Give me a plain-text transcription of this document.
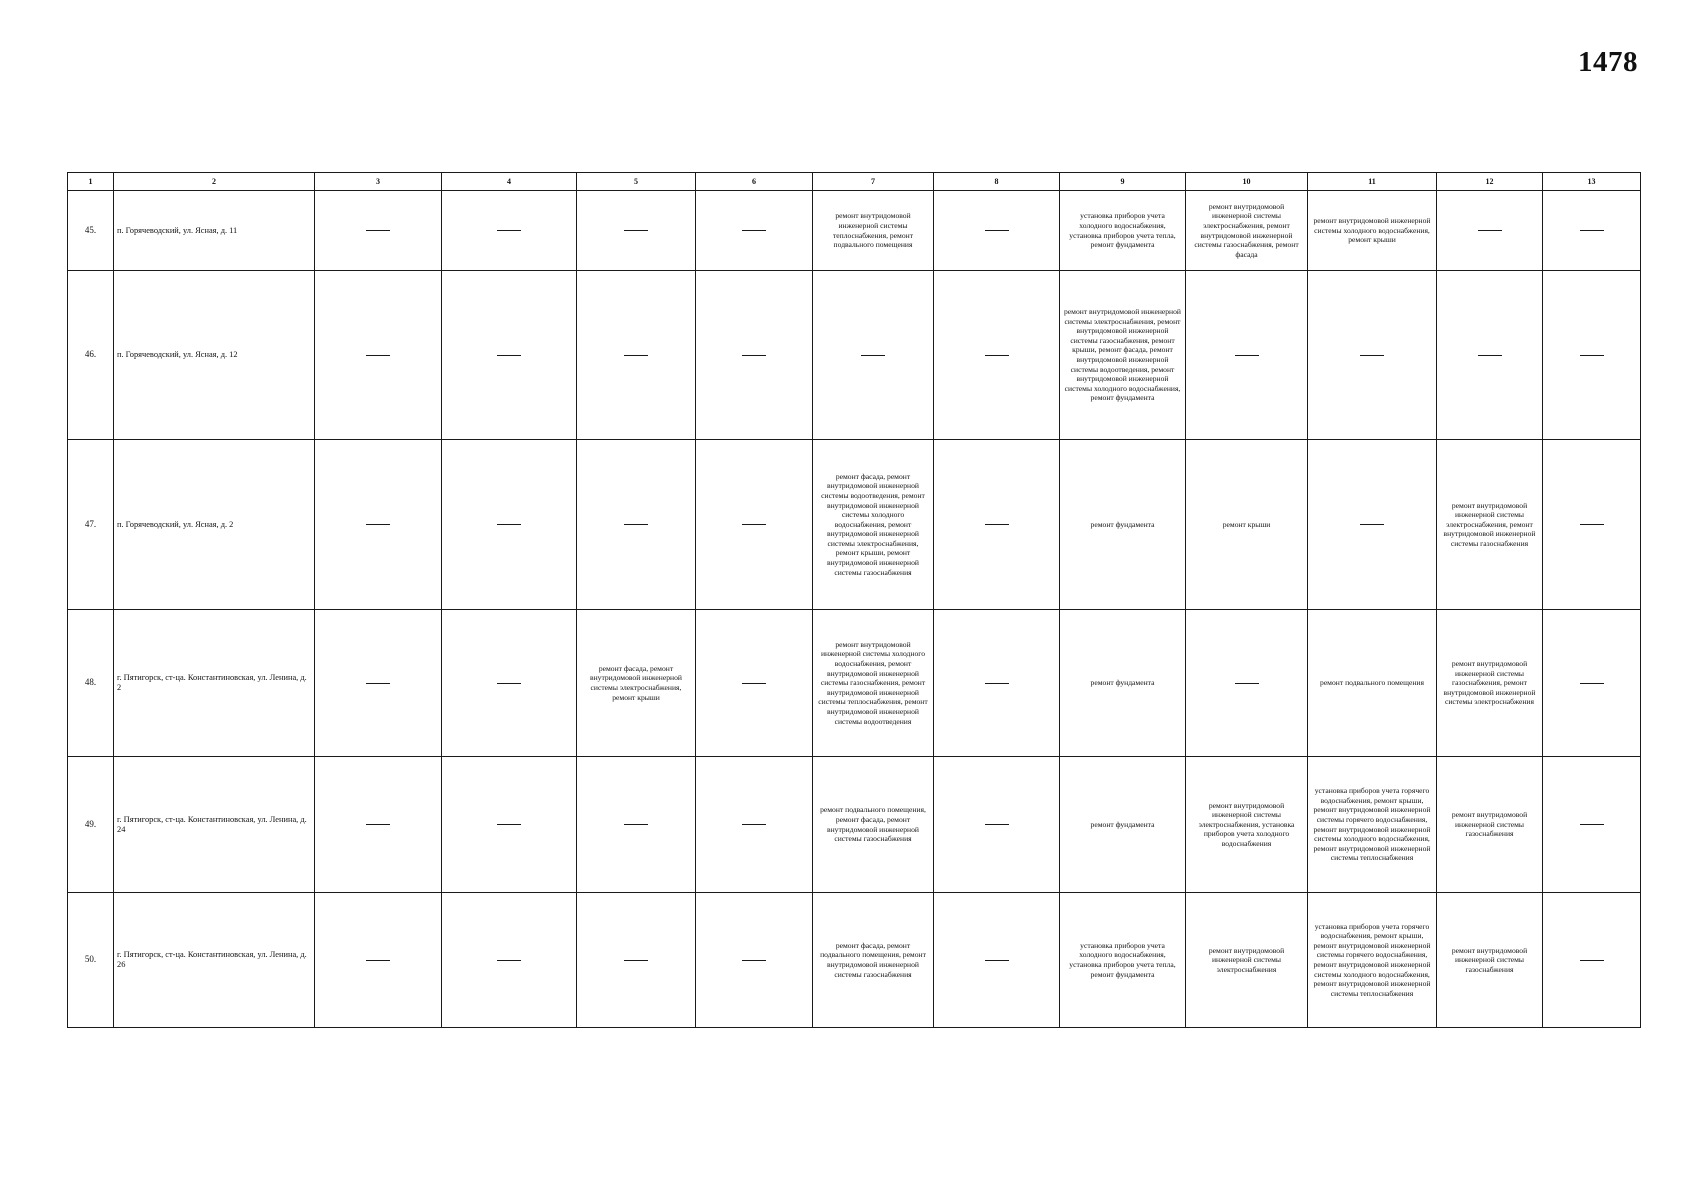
1478
1	2	3	4	5	6	7	8	9	10	11	12	13
45.	п. Горячеводский, ул. Ясная, д. 11					ремонт внутридомовой инженерной системы теплоснабжения, ремонт подвального помещения		установка приборов учета холодного водоснабжения, установка приборов учета тепла, ремонт фундамента	ремонт внутридомовой инженерной системы электроснабжения, ремонт внутридомовой инженерной системы газоснабжения, ремонт фасада	ремонт внутридомовой инженерной системы холодного водоснабжения, ремонт крыши		
46.	п. Горячеводский, ул. Ясная, д. 12							ремонт внутридомовой инженерной системы электроснабжения, ремонт внутридомовой инженерной системы газоснабжения, ремонт крыши, ремонт фасада, ремонт внутридомовой инженерной системы водоотведения, ремонт внутридомовой инженерной системы холодного водоснабжения, ремонт фундамента				
47.	п. Горячеводский, ул. Ясная, д. 2					ремонт фасада, ремонт внутридомовой инженерной системы водоотведения, ремонт внутридомовой инженерной системы холодного водоснабжения, ремонт внутридомовой инженерной системы электроснабжения, ремонт крыши, ремонт внутридомовой инженерной системы газоснабжения		ремонт фундамента	ремонт крыши		ремонт внутридомовой инженерной системы электроснабжения, ремонт внутридомовой инженерной системы газоснабжения	
48.	г. Пятигорск, ст-ца. Константиновская, ул. Ленина, д. 2			ремонт фасада, ремонт внутридомовой инженерной системы электроснабжения, ремонт крыши		ремонт внутридомовой инженерной системы холодного водоснабжения, ремонт внутридомовой инженерной системы газоснабжения, ремонт внутридомовой инженерной системы теплоснабжения, ремонт внутридомовой инженерной системы водоотведения		ремонт фундамента		ремонт подвального помещения	ремонт внутридомовой инженерной системы газоснабжения, ремонт внутридомовой инженерной системы электроснабжения	
49.	г. Пятигорск, ст-ца. Константиновская, ул. Ленина, д. 24					ремонт подвального помещения, ремонт фасада, ремонт внутридомовой инженерной системы газоснабжения		ремонт фундамента	ремонт внутридомовой инженерной системы электроснабжения, установка приборов учета холодного водоснабжения	установка приборов учета горячего водоснабжения, ремонт крыши, ремонт внутридомовой инженерной системы горячего водоснабжения, ремонт внутридомовой инженерной системы холодного водоснабжения, ремонт внутридомовой инженерной системы теплоснабжения	ремонт внутридомовой инженерной системы газоснабжения	
50.	г. Пятигорск, ст-ца. Константиновская, ул. Ленина, д. 26					ремонт фасада, ремонт подвального помещения, ремонт внутридомовой инженерной системы газоснабжения		установка приборов учета холодного водоснабжения, установка приборов учета тепла, ремонт фундамента	ремонт внутридомовой инженерной системы электроснабжения	установка приборов учета горячего водоснабжения, ремонт крыши, ремонт внутридомовой инженерной системы горячего водоснабжения, ремонт внутридомовой инженерной системы холодного водоснабжения, ремонт внутридомовой инженерной системы теплоснабжения	ремонт внутридомовой инженерной системы газоснабжения	
